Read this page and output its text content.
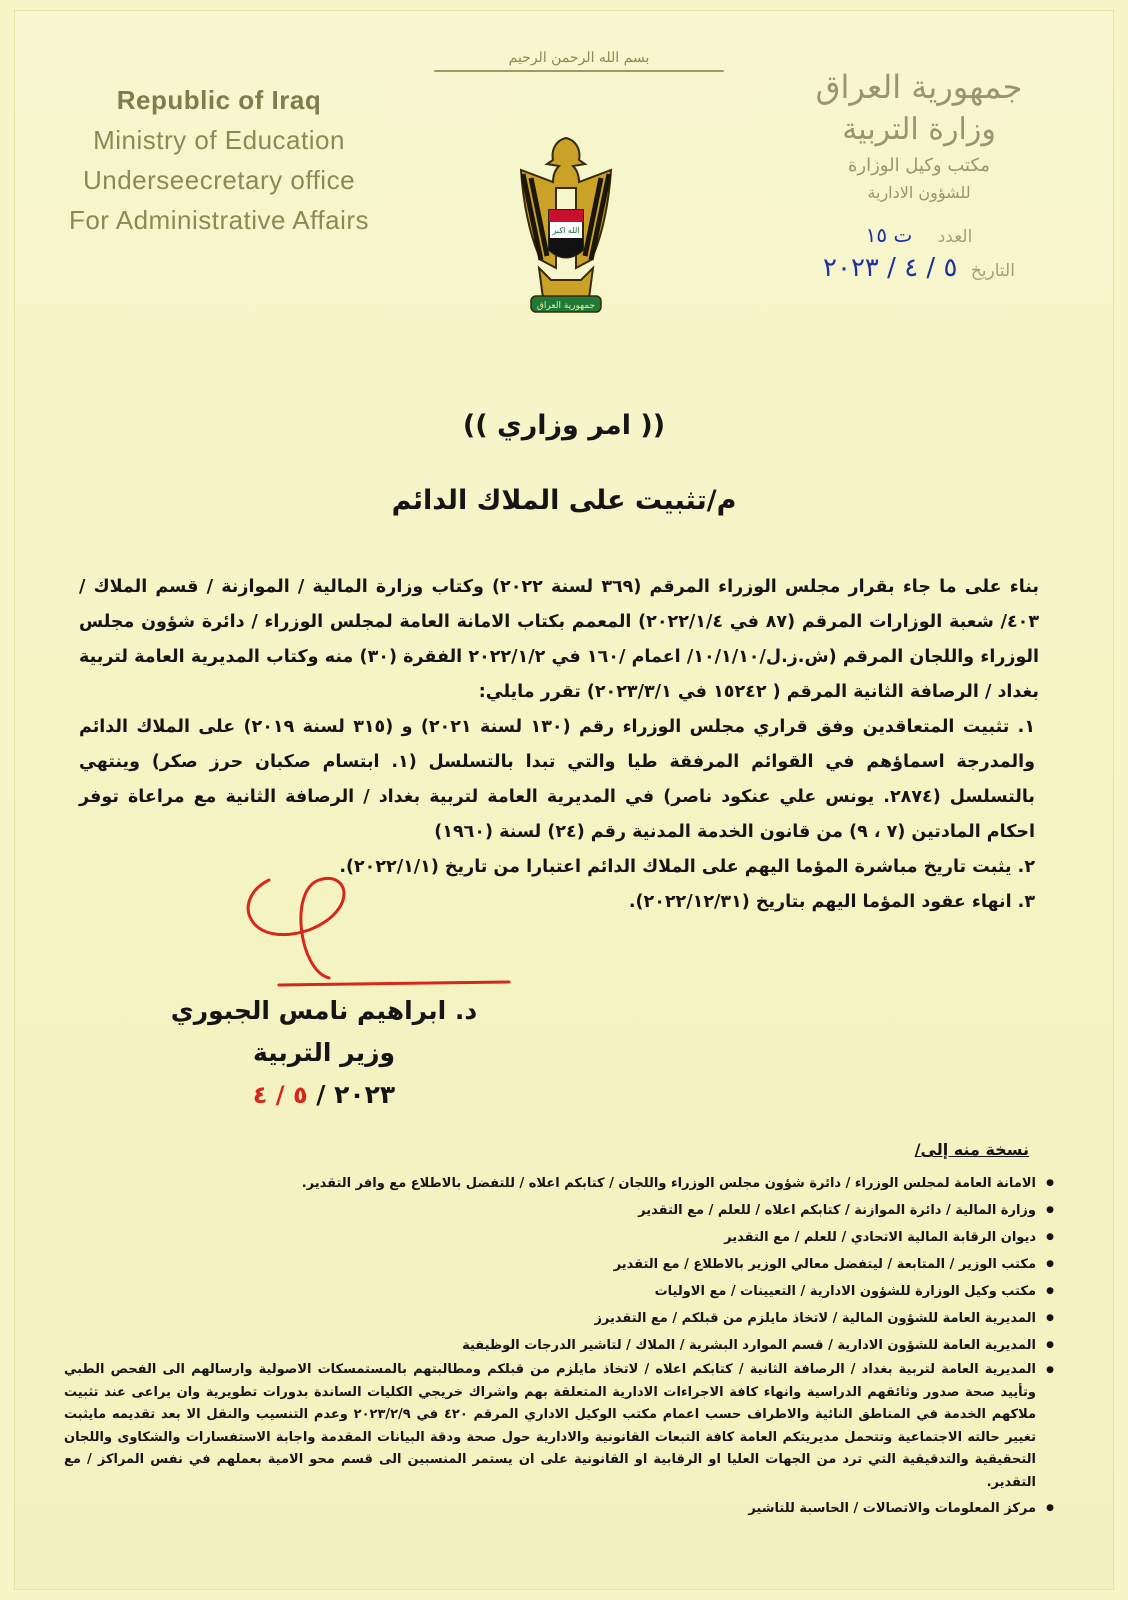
Republic of Iraq
Ministry of Education
Underseecretary office
For Administrative Affairs
بسم الله الرحمن الرحيم
الله اكبر
جمهورية العراق
جمهورية العراق
وزارة التربية
مكتب وكيل الوزارة
للشؤون الادارية
العدد ت ١٥
التاريخ ٥ / ٤ / ٢٠٢٣
(( امر وزاري ))
م/تثبيت على الملاك الدائم

بناء على ما جاء بقرار مجلس الوزراء المرقم (٣٦٩ لسنة ٢٠٢٢) وكتاب وزارة المالية / الموازنة / قسم الملاك / ٤٠٣/ شعبة الوزارات المرقم (٨٧ في ٢٠٢٢/١/٤) المعمم بكتاب الامانة العامة لمجلس الوزراء / دائرة شؤون مجلس الوزراء واللجان المرقم (ش.ز.ل/١٠/١/١٠/ اعمام /١٦٠ في ٢٠٢٢/١/٢ الفقرة (٣٠) منه وكتاب المديرية العامة لتربية بغداد / الرصافة الثانية المرقم ( ١٥٢٤٢ في ٢٠٢٣/٣/١) تقرر مايلي:

١. تثبيت المتعاقدين وفق قراري مجلس الوزراء رقم (١٣٠ لسنة ٢٠٢١) و (٣١٥ لسنة ٢٠١٩) على الملاك الدائم والمدرجة اسماؤهم في القوائم المرفقة طيا والتي تبدا بالتسلسل (١. ابتسام صكبان حرز صكر) وينتهي بالتسلسل (٢٨٧٤. يونس علي عنكود ناصر) في المديرية العامة لتربية بغداد / الرصافة الثانية مع مراعاة توفر احكام المادتين (٧ ، ٩) من قانون الخدمة المدنية رقم (٢٤) لسنة (١٩٦٠)

٢. يثبت تاريخ مباشرة المؤما اليهم على الملاك الدائم اعتبارا من تاريخ (٢٠٢٢/١/١).

٣. انهاء عقود المؤما اليهم بتاريخ (٢٠٢٢/١٢/٣١).

د. ابراهيم نامس الجبوري
وزير التربية
٢٠٢٣ / ٥ / ٤
نسخة منه إلى/
● الامانة العامة لمجلس الوزراء / دائرة شؤون مجلس الوزراء واللجان / كتابكم اعلاه / للتفضل بالاطلاع مع وافر التقدير.
● وزارة المالية / دائرة الموازنة / كتابكم اعلاه / للعلم / مع التقدير
● ديوان الرقابة المالية الاتحادي / للعلم / مع التقدير
● مكتب الوزير / المتابعة / ليتفضل معالي الوزير بالاطلاع / مع التقدير
● مكتب وكيل الوزارة للشؤون الادارية / التعيينات / مع الاوليات
● المديرية العامة للشؤون المالية / لاتخاذ مايلزم من قبلكم / مع التقديرز
● المديرية العامة للشؤون الادارية / قسم الموارد البشرية / الملاك / لتاشير الدرجات الوظيفية
● المديرية العامة لتربية بغداد / الرصافة الثانية / كتابكم اعلاه / لاتخاذ مايلزم من قبلكم ومطالبتهم بالمستمسكات الاصولية وارسالهم الى الفحص الطبي وتأييد صحة صدور وثائقهم الدراسية وانهاء كافة الاجراءات الادارية المتعلقة بهم واشراك خريجي الكليات الساندة بدورات تطويرية وان يراعى عند تثبيت ملاكهم الخدمة في المناطق النائية والاطراف حسب اعمام مكتب الوكيل الاداري المرقم ٤٢٠ في ٢٠٢٣/٢/٩ وعدم التنسيب والنقل الا بعد تقديمه مايثبت تغيير حالته الاجتماعية وتتحمل مديريتكم العامة كافة التبعات القانونية والادارية حول صحة ودقة البيانات المقدمة واجابة الاستفسارات والشكاوى واللجان التحقيقية والتدقيقية التي ترد من الجهات العليا او الرقابية او القانونية على ان يستمر المنسبين الى قسم محو الامية بعملهم في نفس المراكز / مع التقدير.
● مركز المعلومات والاتصالات / الحاسبة للتاشير
